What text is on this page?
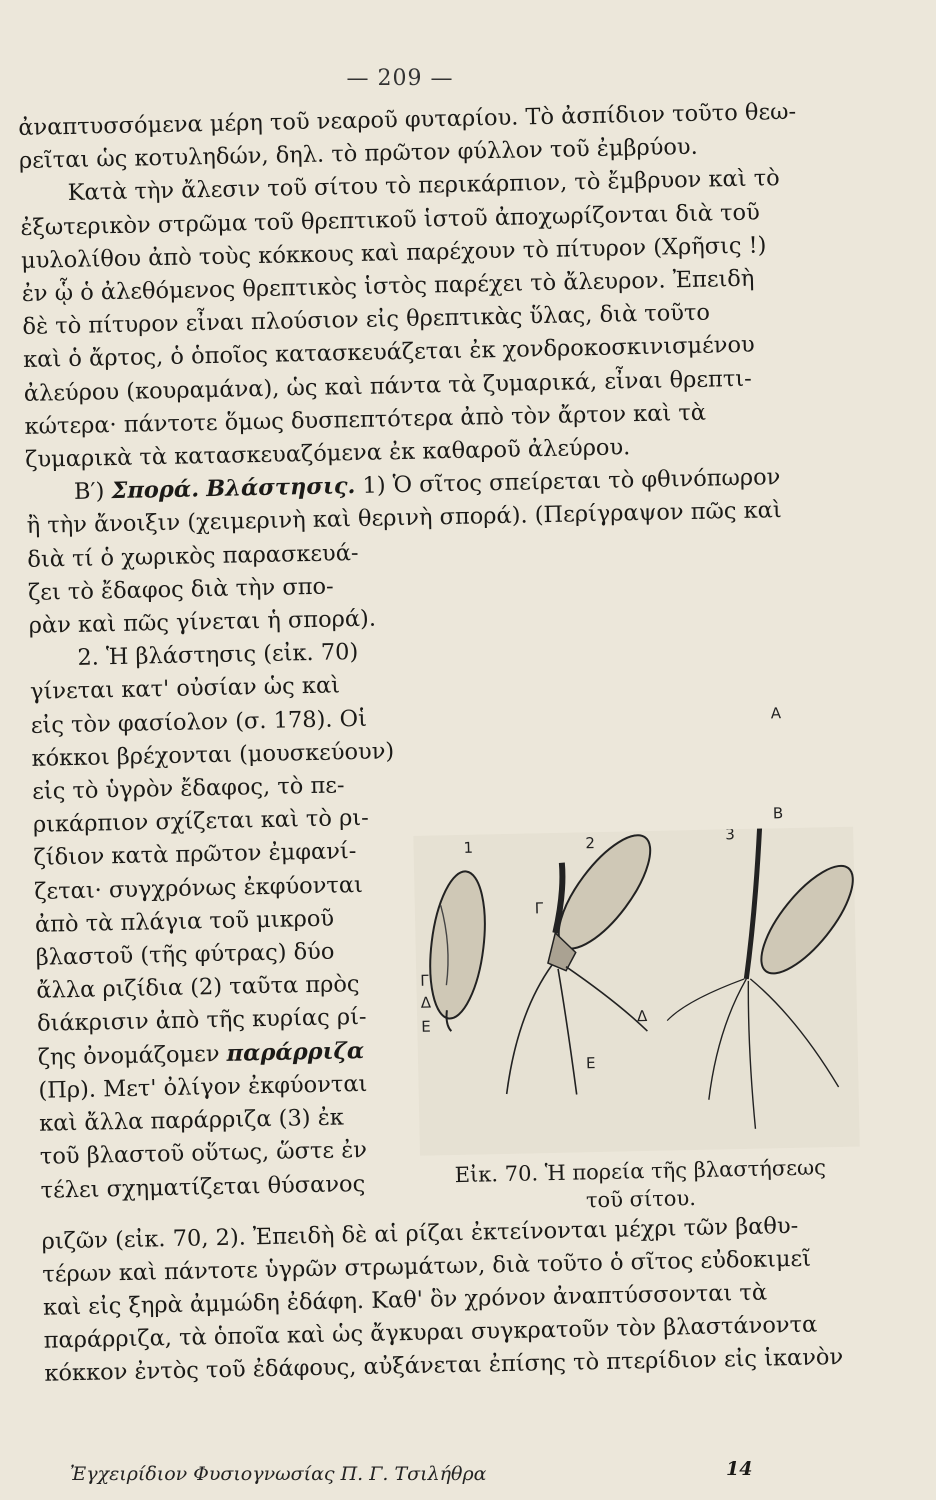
— 209 —
ἀναπτυσσόμενα μέρη τοῦ νεαροῦ φυταρίου. Τὸ ἀσπίδιον τοῦτο θεω-
ρεῖται ὡς κοτυληδών, δηλ. τὸ πρῶτον φύλλον τοῦ ἐμβρύου.
Κατὰ τὴν ἄλεσιν τοῦ σίτου τὸ περικάρπιον, τὸ ἔμβρυον καὶ τὸ
ἐξωτερικὸν στρῶμα τοῦ θρεπτικοῦ ἱστοῦ ἀποχωρίζονται διὰ τοῦ
μυλολίθου ἀπὸ τοὺς κόκκους καὶ παρέχουν τὸ πίτυρον (Χρῆσις !)
ἐν ᾧ ὁ ἀλεθόμενος θρεπτικὸς ἱστὸς παρέχει τὸ ἄλευρον. Ἐπειδὴ
δὲ τὸ πίτυρον εἶναι πλούσιον εἰς θρεπτικὰς ὕλας, διὰ τοῦτο
καὶ ὁ ἄρτος, ὁ ὁποῖος κατασκευάζεται ἐκ χονδροκοσκινισμένου
ἀλεύρου (κουραμάνα), ὡς καὶ πάντα τὰ ζυμαρικά, εἶναι θρεπτι-
κώτερα· πάντοτε ὅμως δυσπεπτότερα ἀπὸ τὸν ἄρτον καὶ τὰ
ζυμαρικὰ τὰ κατασκευαζόμενα ἐκ καθαροῦ ἀλεύρου.
Β′) Σπορά. Βλάστησις. 1) Ὁ σῖτος σπείρεται τὸ φθινόπωρον
ἢ τὴν ἄνοιξιν (χειμερινὴ καὶ θερινὴ σπορά). (Περίγραψον πῶς καὶ
διὰ τί ὁ χωρικὸς παρασκευά-
ζει τὸ ἔδαφος διὰ τὴν σπο-
ρὰν καὶ πῶς γίνεται ἡ σπορά).
2. Ἡ βλάστησις (εἰκ. 70)
γίνεται κατ' οὐσίαν ὡς καὶ
εἰς τὸν φασίολον (σ. 178). Οἱ
κόκκοι βρέχονται (μουσκεύουν)
εἰς τὸ ὑγρὸν ἔδαφος, τὸ πε-
ρικάρπιον σχίζεται καὶ τὸ ρι-
ζίδιον κατὰ πρῶτον ἐμφανί-
ζεται· συγχρόνως ἐκφύονται
ἀπὸ τὰ πλάγια τοῦ μικροῦ
βλαστοῦ (τῆς φύτρας) δύο
ἄλλα ριζίδια (2) ταῦτα πρὸς
διάκρισιν ἀπὸ τῆς κυρίας ρί-
ζης ὀνομάζομεν παράρριζα
(Πρ). Μετ' ὀλίγον ἐκφύονται
καὶ ἄλλα παράρριζα (3) ἐκ
τοῦ βλαστοῦ οὕτως, ὥστε ἐν
τέλει σχηματίζεται θύσανος
1	2	3
Γ
Γ
Δ
Ε
Δ
Ε
A
B
Εἰκ. 70. Ἡ πορεία τῆς βλαστήσεως
τοῦ σίτου.
ριζῶν (εἰκ. 70, 2). Ἐπειδὴ δὲ αἱ ρίζαι ἐκτείνονται μέχρι τῶν βαθυ-
τέρων καὶ πάντοτε ὑγρῶν στρωμάτων, διὰ τοῦτο ὁ σῖτος εὐδοκιμεῖ
καὶ εἰς ξηρὰ ἀμμώδη ἐδάφη. Καθ' ὃν χρόνον ἀναπτύσσονται τὰ
παράρριζα, τὰ ὁποῖα καὶ ὡς ἄγκυραι συγκρατοῦν τὸν βλαστάνοντα
κόκκον ἐντὸς τοῦ ἐδάφους, αὐξάνεται ἐπίσης τὸ πτερίδιον εἰς ἱκανὸν
Ἐγχειρίδιον Φυσιογνωσίας Π. Γ. Τσιλήθρα	14
